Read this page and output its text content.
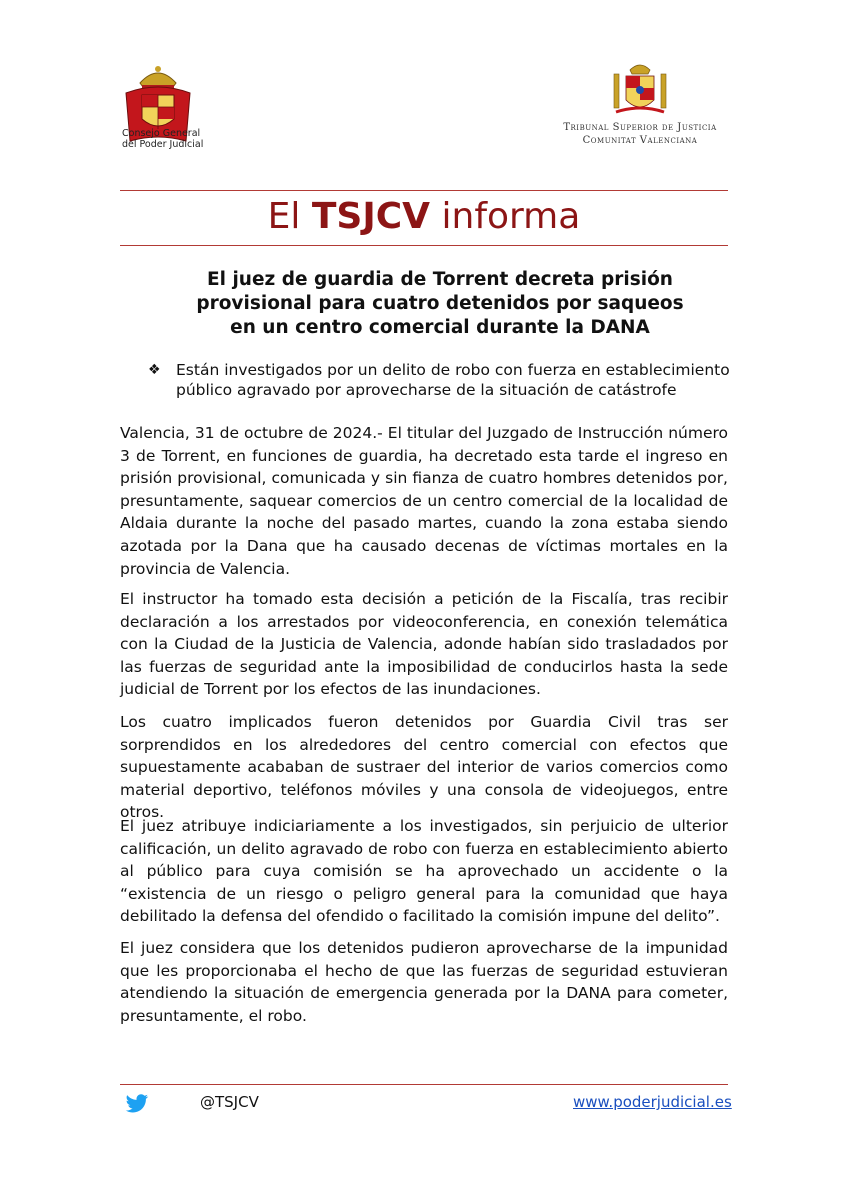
Consejo General
del Poder Judicial
Tribunal Superior de Justicia
Comunitat Valenciana
El TSJCV informa
El juez de guardia de Torrent decreta prisión
provisional para cuatro detenidos por saqueos
en un centro comercial durante la DANA
❖ Están investigados por un delito de robo con fuerza en establecimiento público agravado por aprovecharse de la situación de catástrofe
Valencia, 31 de octubre de 2024.- El titular del Juzgado de Instrucción número 3 de Torrent, en funciones de guardia, ha decretado esta tarde el ingreso en prisión provisional, comunicada y sin fianza de cuatro hombres detenidos por, presuntamente, saquear comercios de un centro comercial de la localidad de Aldaia durante la noche del pasado martes, cuando la zona estaba siendo azotada por la Dana que ha causado decenas de víctimas mortales en la provincia de Valencia.
El instructor ha tomado esta decisión a petición de la Fiscalía, tras recibir declaración a los arrestados por videoconferencia, en conexión telemática con la Ciudad de la Justicia de Valencia, adonde habían sido trasladados por las fuerzas de seguridad ante la imposibilidad de conducirlos hasta la sede judicial de Torrent por los efectos de las inundaciones.
Los cuatro implicados fueron detenidos por Guardia Civil tras ser sorprendidos en los alrededores del centro comercial con efectos que supuestamente acababan de sustraer del interior de varios comercios como material deportivo, teléfonos móviles y una consola de videojuegos, entre otros.
El juez atribuye indiciariamente a los investigados, sin perjuicio de ulterior calificación, un delito agravado de robo con fuerza en establecimiento abierto al público para cuya comisión se ha aprovechado un accidente o la “existencia de un riesgo o peligro general para la comunidad que haya debilitado la defensa del ofendido o facilitado la comisión impune del delito”.
El juez considera que los detenidos pudieron aprovecharse de la impunidad que les proporcionaba el hecho de que las fuerzas de seguridad estuvieran atendiendo la situación de emergencia generada por la DANA para cometer, presuntamente, el robo.
@TSJCV	www.poderjudicial.es
